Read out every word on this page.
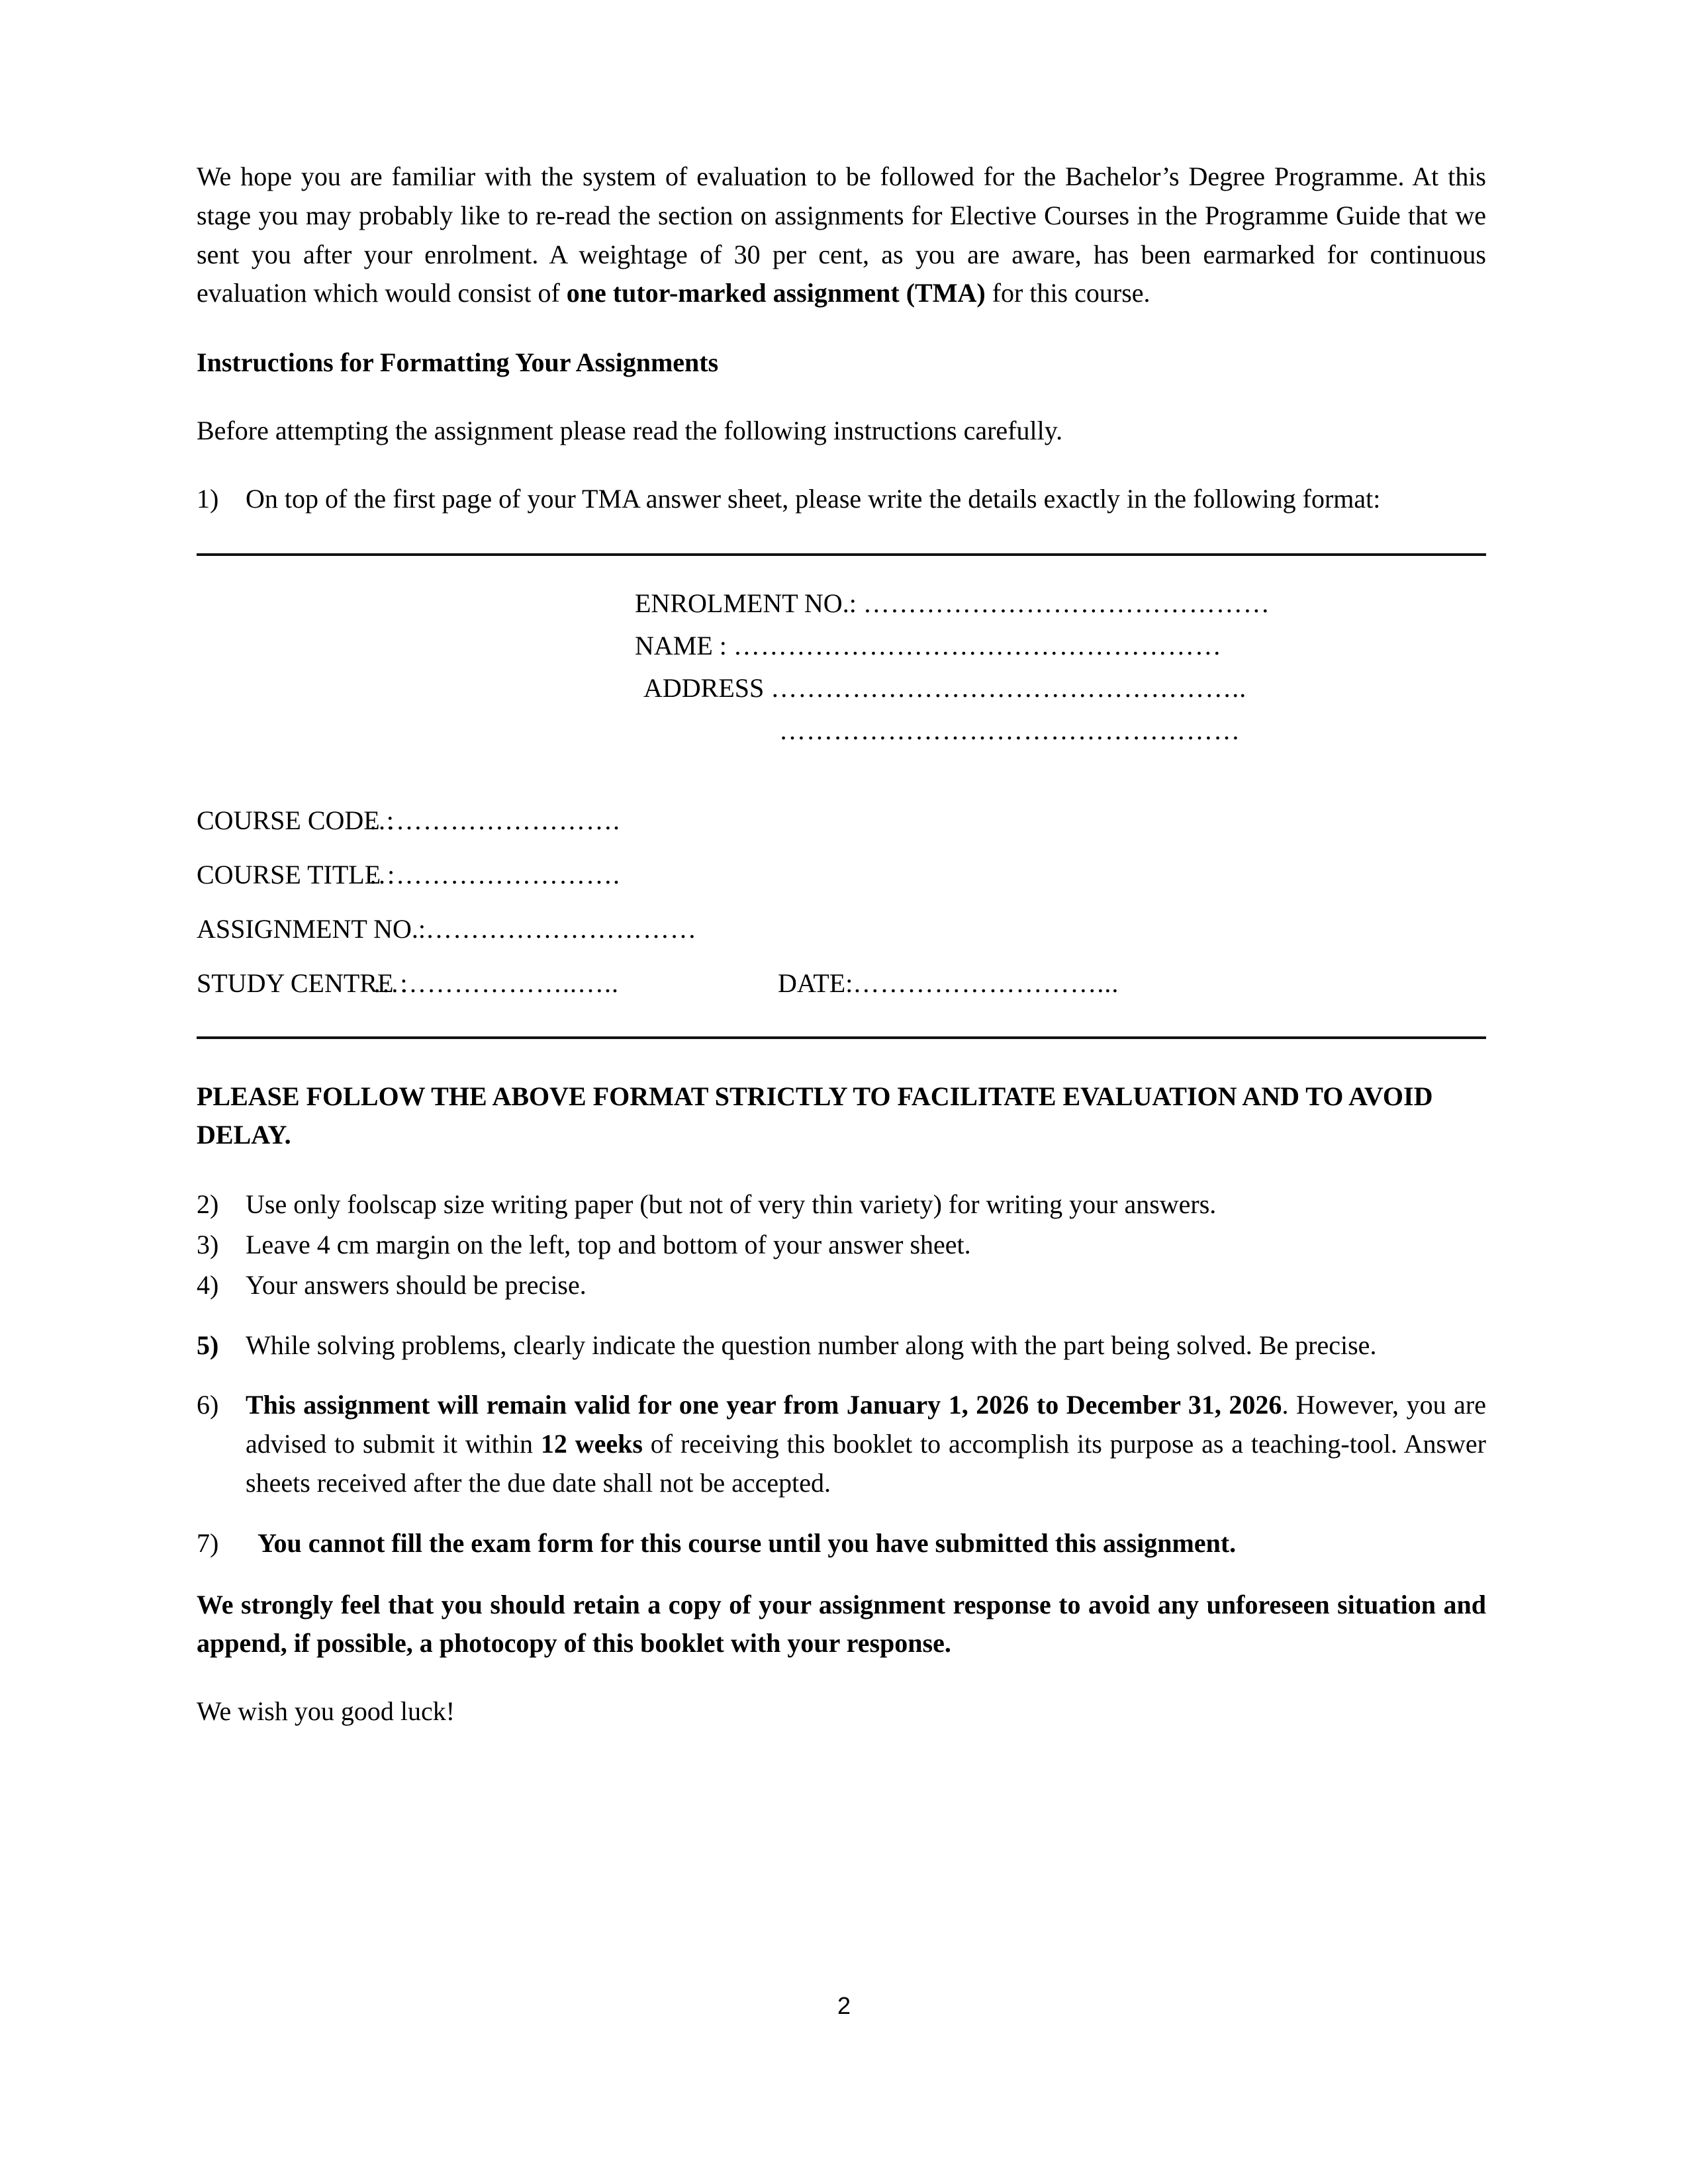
We hope you are familiar with the system of evaluation to be followed for the Bachelor’s Degree Programme. At this stage you may probably like to re-read the section on assignments for Elective Courses in the Programme Guide that we sent you after your enrolment. A weightage of 30 per cent, as you are aware, has been earmarked for continuous evaluation which would consist of one tutor-marked assignment (TMA) for this course.

Instructions for Formatting Your Assignments

Before attempting the assignment please read the following instructions carefully.

1)	On top of the first page of your TMA answer sheet, please write the details exactly in the following format:
ENROLMENT NO.: ………………………………………
NAME : ………………………………………………
ADDRESS ……………………………………………..
……………………………………………
COURSE CODE :……………………….
COURSE TITLE :……………………….
ASSIGNMENT NO.:…………………………
STUDY CENTRE :…………………..…..	DATE:………………………...

PLEASE FOLLOW THE ABOVE FORMAT STRICTLY TO FACILITATE EVALUATION AND TO AVOID DELAY.

2)	Use only foolscap size writing paper (but not of very thin variety) for writing your answers.
3)	Leave 4 cm margin on the left, top and bottom of your answer sheet.
4)	Your answers should be precise.
5)	While solving problems, clearly indicate the question number along with the part being solved. Be precise.
6)	This assignment will remain valid for one year from January 1, 2026 to December 31, 2026. However, you are advised to submit it within 12 weeks of receiving this booklet to accomplish its purpose as a teaching-tool. Answer sheets received after the due date shall not be accepted.
7)	You cannot fill the exam form for this course until you have submitted this assignment.

We strongly feel that you should retain a copy of your assignment response to avoid any unforeseen situation and append, if possible, a photocopy of this booklet with your response.

We wish you good luck!

2
